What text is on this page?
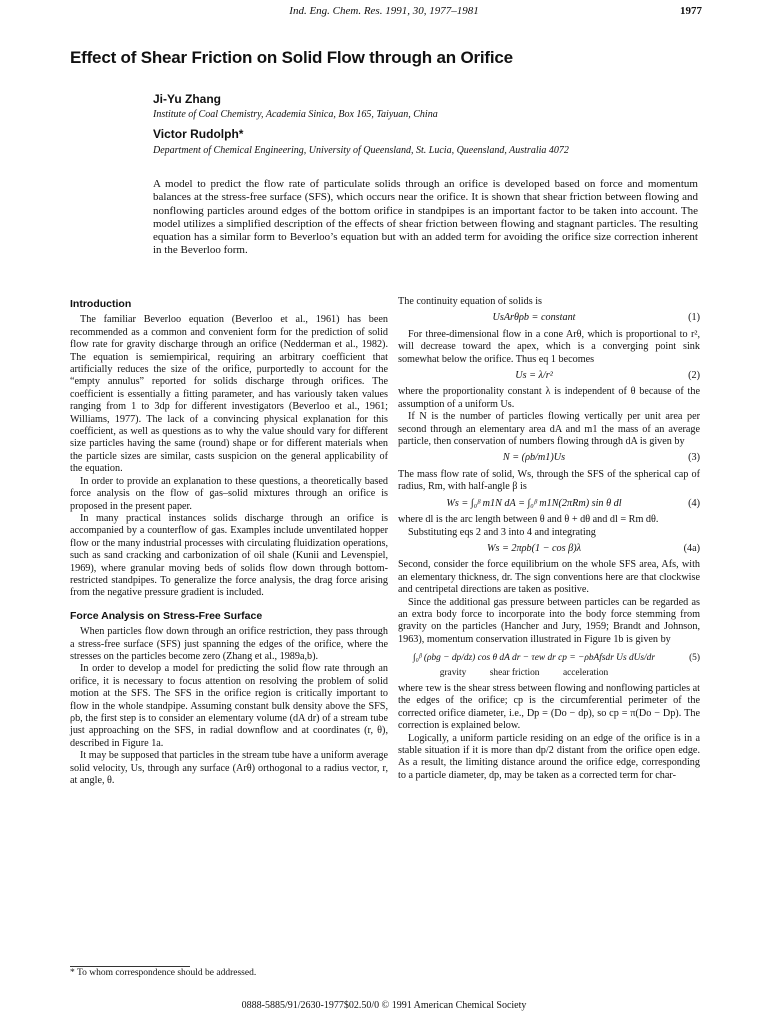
Ind. Eng. Chem. Res. 1991, 30, 1977–1981	1977
Effect of Shear Friction on Solid Flow through an Orifice
Ji-Yu Zhang
Institute of Coal Chemistry, Academia Sinica, Box 165, Taiyuan, China
Victor Rudolph*
Department of Chemical Engineering, University of Queensland, St. Lucia, Queensland, Australia 4072
A model to predict the flow rate of particulate solids through an orifice is developed based on force and momentum balances at the stress-free surface (SFS), which occurs near the orifice. It is shown that shear friction between flowing and nonflowing particles around edges of the bottom orifice in standpipes is an important factor to be taken into account. The model utilizes a simplified description of the effects of shear friction between flowing and stagnant particles. The resulting equation has a similar form to Beverloo’s equation but with an added term for avoiding the orifice size correction inherent in the Beverloo form.
Introduction

The familiar Beverloo equation (Beverloo et al., 1961) has been recommended as a common and convenient form for the prediction of solid flow rate for gravity discharge through an orifice (Nedderman et al., 1982). The equation is semiempirical, requiring an arbitrary coefficient that artificially reduces the size of the orifice, purportedly to account for the “empty annulus” reported for solids discharge through orifices. The coefficient is essentially a fitting parameter, and has variously taken values ranging from 1 to 3dp for different investigators (Beverloo et al., 1961; Williams, 1977). The lack of a convincing physical explanation for this coefficient, as well as questions as to why the value should vary for different size particles having the same (round) shape or for different materials when the particle sizes are similar, casts suspicion on the general applicability of the equation.

In order to provide an explanation to these questions, a theoretically based force analysis on the flow of gas–solid mixtures through an orifice is proposed in the present paper.

In many practical instances solids discharge through an orifice is accompanied by a counterflow of gas. Examples include unventilated hopper flow or the many industrial processes with circulating fluidization operations, such as sand cracking and carbonization of oil shale (Kunii and Levenspiel, 1969), where granular moving beds of solids flow down through bottom-restricted standpipes. To generalize the force analysis, the drag force arising from the negative pressure gradient is included.

Force Analysis on Stress-Free Surface

When particles flow down through an orifice restriction, they pass through a stress-free surface (SFS) just spanning the edges of the orifice, where the stresses on the particles become zero (Zhang et al., 1989a,b).

In order to develop a model for predicting the solid flow rate through an orifice, it is necessary to focus attention on resolving the problem of solid motion at the SFS. The SFS in the orifice region is critically important to flow in the whole standpipe. Assuming constant bulk density above the SFS, ρb, the first step is to consider an elementary volume (dA dr) of a stream tube just approaching on the SFS, in radial downflow and at coordinates (r, θ), described in Figure 1a.

It may be supposed that particles in the stream tube have a uniform average solid velocity, Us, through any surface (Arθ) orthogonal to a radius vector, r, at angle, θ.

The continuity equation of solids is

UsArθρb = constant	(1)

For three-dimensional flow in a cone Arθ, which is proportional to r², will decrease toward the apex, which is a converging point sink somewhat below the orifice. Thus eq 1 becomes

Us = λ/r²	(2)

where the proportionality constant λ is independent of θ because of the assumption of a uniform Us.

If N is the number of particles flowing vertically per unit area per second through an elementary area dA and m1 the mass of an average particle, then conservation of numbers flowing through dA is given by

N = (ρb/m1)Us	(3)

The mass flow rate of solid, Ws, through the SFS of the spherical cap of radius, Rm, with half-angle β is

Ws = ∫₀ᵝ m1N dA = ∫₀ᵝ m1N(2πRm) sin θ dl	(4)

where dl is the arc length between θ and θ + dθ and dl = Rm dθ.

Substituting eqs 2 and 3 into 4 and integrating

Ws = 2πρb(1 − cos β)λ	(4a)

Second, consider the force equilibrium on the whole SFS area, Afs, with an elementary thickness, dr. The sign conventions here are that clockwise and centripetal directions are taken as positive.

Since the additional gas pressure between particles can be regarded as an extra body force to incorporate into the body force stemming from gravity on the particles (Hancher and Jury, 1959; Brandt and Johnson, 1963), momentum conservation illustrated in Figure 1b is given by

∫₀ᵝ (ρbg − dp/dz) cos θ dA dr − τew dr cp = −ρbAfsdr Us dUs/dr	(5)
gravity shear friction acceleration

where τew is the shear stress between flowing and nonflowing particles at the edges of the orifice; cp is the circumferential perimeter of the corrected orifice diameter, i.e., Dp = (Do − dp), so cp = π(Do − Dp). The correction is explained below.

Logically, a uniform particle residing on an edge of the orifice is in a stable situation if it is more than dp/2 distant from the orifice open edge. As a result, the limiting distance around the orifice edge, corresponding to a particle diameter, dp, may be taken as a corrected term for char-

* To whom correspondence should be addressed.
0888-5885/91/2630-1977$02.50/0 © 1991 American Chemical Society
